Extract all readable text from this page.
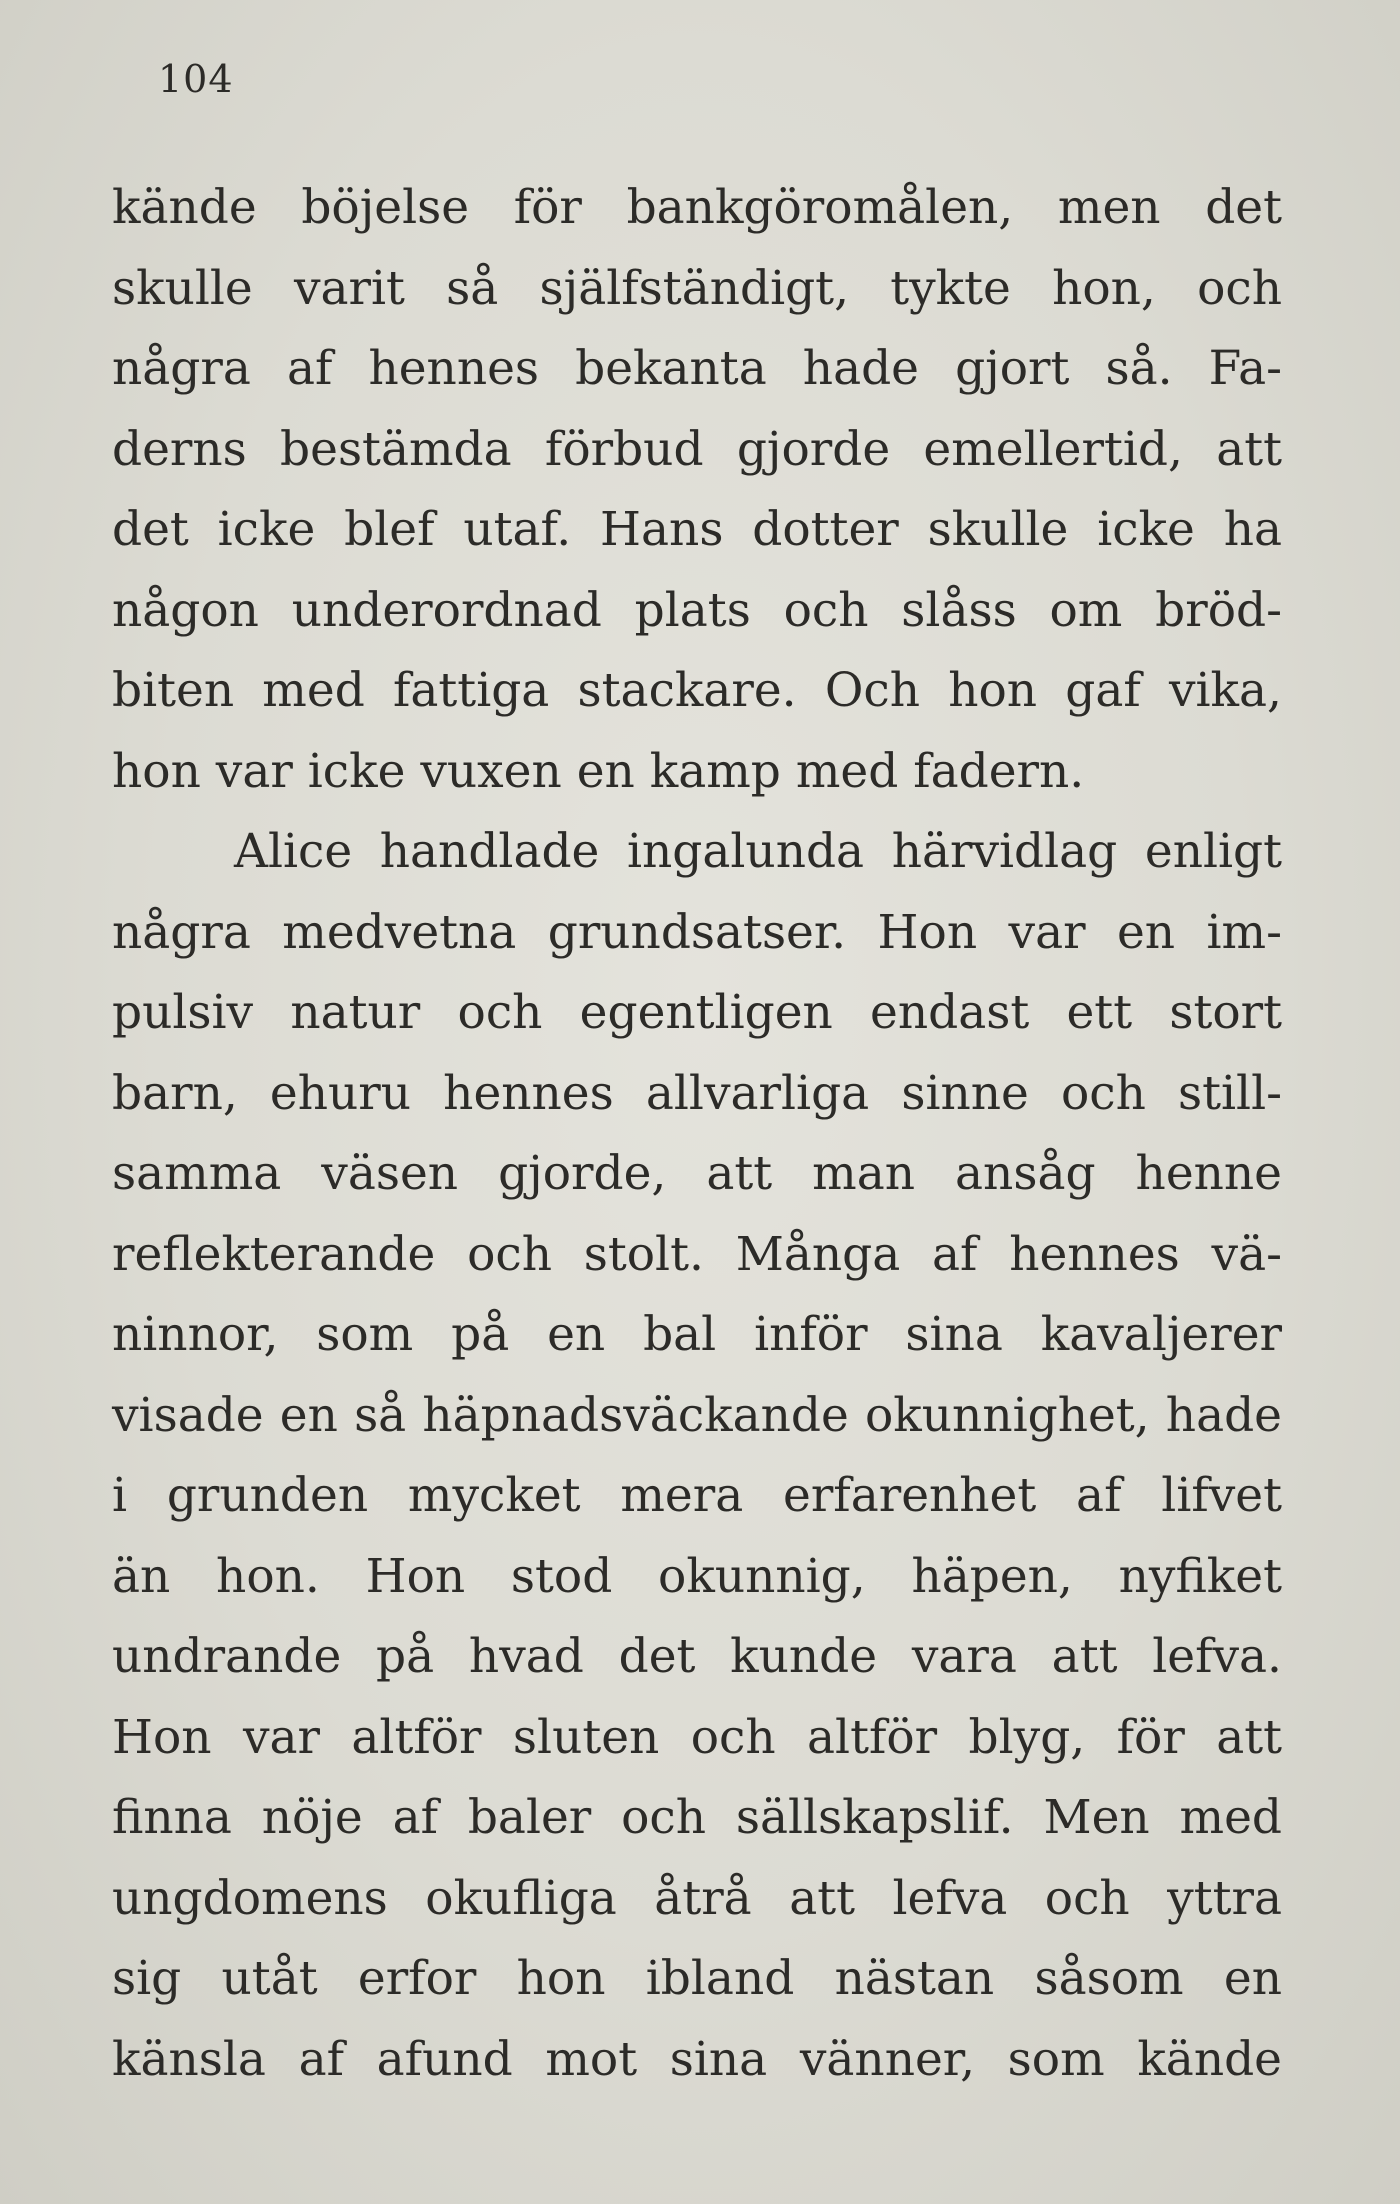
104
kände böjelse för bankgöromålen, men det
skulle varit så själfständigt, tykte hon, och
några af hennes bekanta hade gjort så. Fa-
derns bestämda förbud gjorde emellertid, att
det icke blef utaf. Hans dotter skulle icke ha
någon underordnad plats och slåss om bröd-
biten med fattiga stackare. Och hon gaf vika,
hon var icke vuxen en kamp med fadern.
Alice handlade ingalunda härvidlag enligt
några medvetna grundsatser. Hon var en im-
pulsiv natur och egentligen endast ett stort
barn, ehuru hennes allvarliga sinne och still-
samma väsen gjorde, att man ansåg henne
reflekterande och stolt. Många af hennes vä-
ninnor, som på en bal inför sina kavaljerer
visade en så häpnadsväckande okunnighet, hade
i grunden mycket mera erfarenhet af lifvet
än hon. Hon stod okunnig, häpen, nyfiket
undrande på hvad det kunde vara att lefva.
Hon var altför sluten och altför blyg, för att
finna nöje af baler och sällskapslif. Men med
ungdomens okufliga åtrå att lefva och yttra
sig utåt erfor hon ibland nästan såsom en
känsla af afund mot sina vänner, som kände
